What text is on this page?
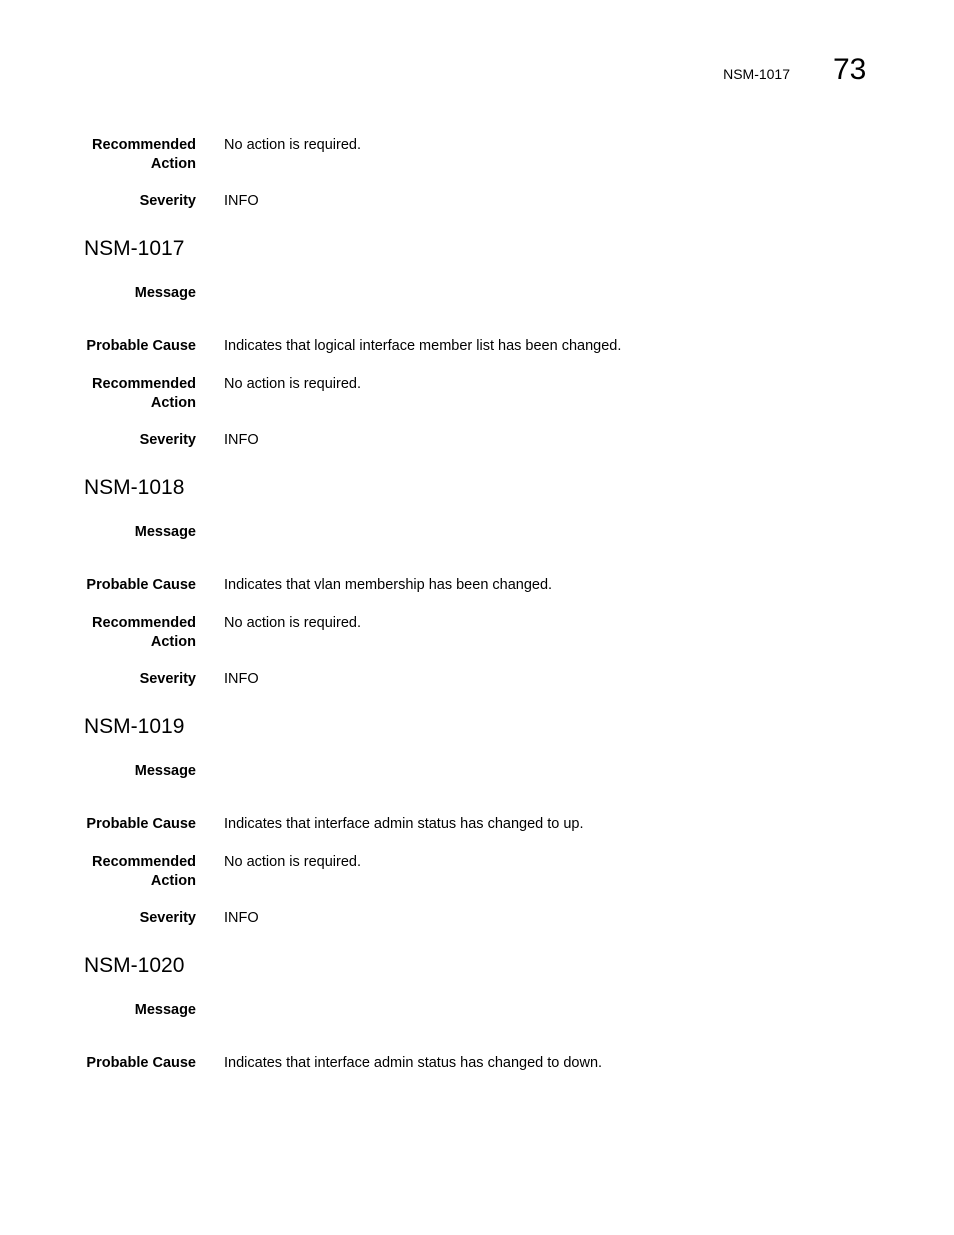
NSM-1017 73
Recommended
Action
No action is required.
Severity INFO
NSM-1017
Message
Probable Cause Indicates that logical interface member list has been changed.
Recommended
Action
No action is required.
Severity INFO
NSM-1018
Message
Probable Cause Indicates that vlan membership has been changed.
Recommended
Action
No action is required.
Severity INFO
NSM-1019
Message
Probable Cause Indicates that interface admin status has changed to up.
Recommended
Action
No action is required.
Severity INFO
NSM-1020
Message
Probable Cause Indicates that interface admin status has changed to down.
